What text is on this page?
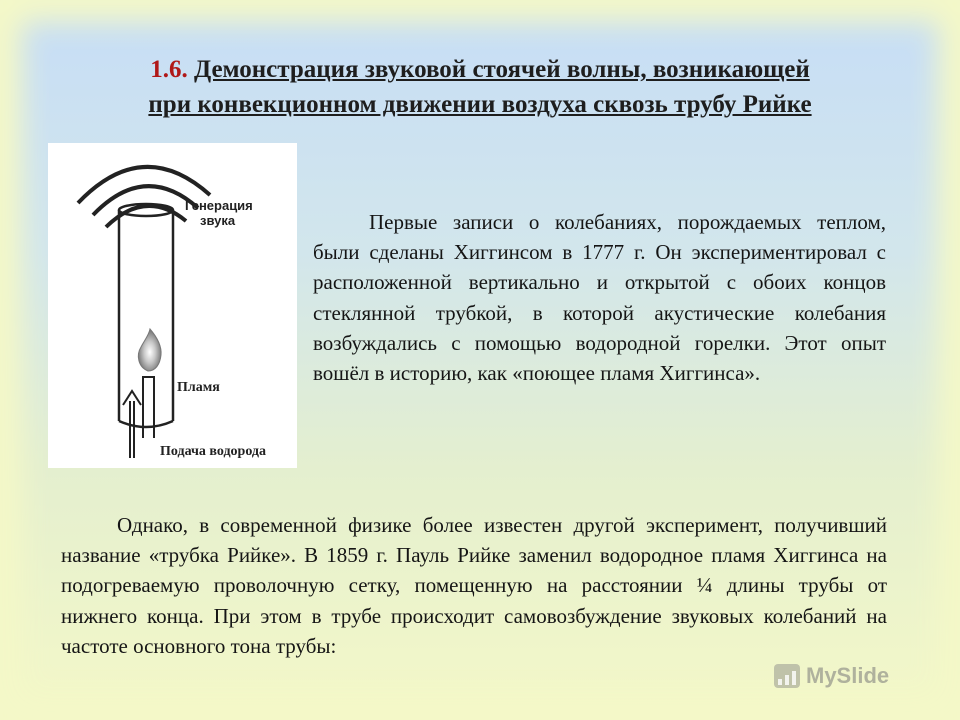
1.6. Демонстрация звуковой стоячей волны, возникающей
при конвекционном движении воздуха сквозь трубу Рийке
Генерация
звука
Пламя
Подача водорода
Первые записи о колебаниях, порождаемых теплом, были сделаны Хиггинсом в 1777 г. Он экспериментировал с расположенной вертикально и открытой с обоих концов стеклянной трубкой, в которой акустические колебания возбуждались с помощью водородной горелки. Этот опыт вошёл в историю, как «поющее пламя Хиггинса».
Однако, в современной физике более известен другой эксперимент, получивший название «трубка Рийке». В 1859 г. Пауль Рийке заменил водородное пламя Хиггинса на подогреваемую проволочную сетку, помещенную на расстоянии ¼ длины трубы от нижнего конца. При этом в трубе происходит самовозбуждение звуковых колебаний на частоте основного тона трубы:
MySlide
